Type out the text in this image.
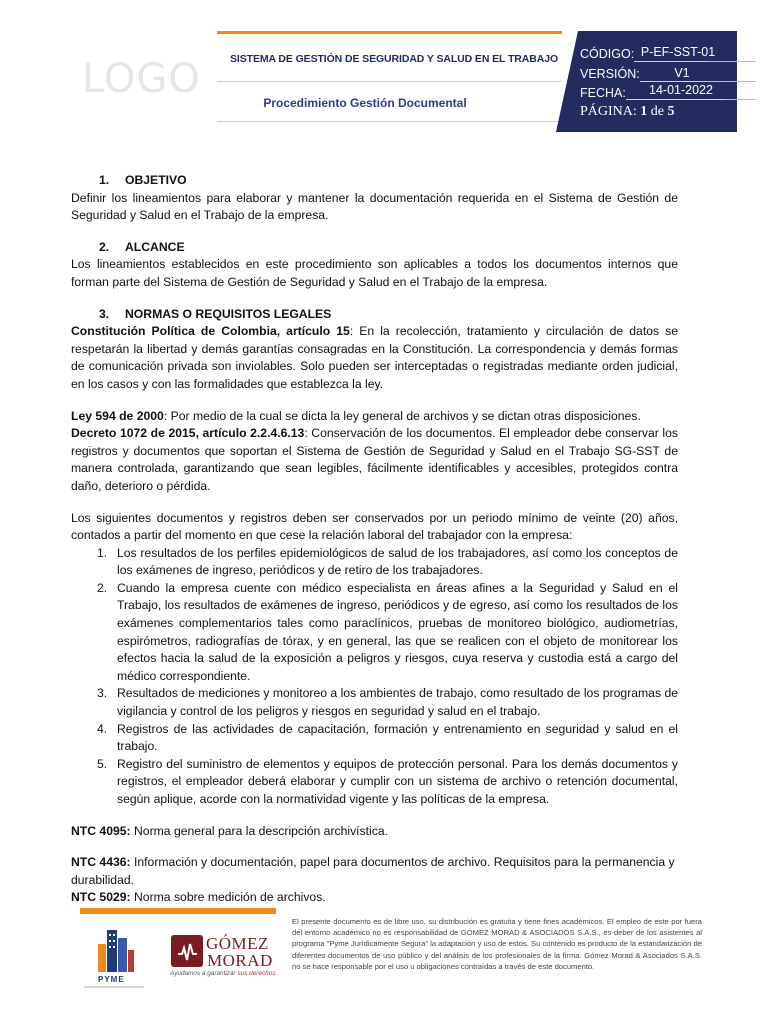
LOGO	SISTEMA DE GESTIÓN DE SEGURIDAD Y SALUD EN EL TRABAJO
Procedimiento Gestión Documental
CÓDIGO: P-EF-SST-01
VERSIÓN:	V1
FECHA:	14-01-2022
PÁGINA: 1 de 5
1. OBJETIVO

Definir los lineamientos para elaborar y mantener la documentación requerida en el Sistema de Gestión de Seguridad y Salud en el Trabajo de la empresa.

2. ALCANCE

Los lineamientos establecidos en este procedimiento son aplicables a todos los documentos internos que forman parte del Sistema de Gestión de Seguridad y Salud en el Trabajo de la empresa.

3. NORMAS O REQUISITOS LEGALES

Constitución Política de Colombia, artículo 15: En la recolección, tratamiento y circulación de datos se respetarán la libertad y demás garantías consagradas en la Constitución. La correspondencia y demás formas de comunicación privada son inviolables. Solo pueden ser interceptadas o registradas mediante orden judicial, en los casos y con las formalidades que establezca la ley.

Ley 594 de 2000: Por medio de la cual se dicta la ley general de archivos y se dictan otras disposiciones.

Decreto 1072 de 2015, artículo 2.2.4.6.13: Conservación de los documentos. El empleador debe conservar los registros y documentos que soportan el Sistema de Gestión de Seguridad y Salud en el Trabajo SG-SST de manera controlada, garantizando que sean legibles, fácilmente identificables y accesibles, protegidos contra daño, deterioro o pérdida.

Los siguientes documentos y registros deben ser conservados por un periodo mínimo de veinte (20) años, contados a partir del momento en que cese la relación laboral del trabajador con la empresa:

1. Los resultados de los perfiles epidemiológicos de salud de los trabajadores, así como los conceptos de los exámenes de ingreso, periódicos y de retiro de los trabajadores.
2. Cuando la empresa cuente con médico especialista en áreas afines a la Seguridad y Salud en el Trabajo, los resultados de exámenes de ingreso, periódicos y de egreso, así como los resultados de los exámenes complementarios tales como paraclínicos, pruebas de monitoreo biológico, audiometrías, espirómetros, radiografías de tórax, y en general, las que se realicen con el objeto de monitorear los efectos hacia la salud de la exposición a peligros y riesgos, cuya reserva y custodia está a cargo del médico correspondiente.
3. Resultados de mediciones y monitoreo a los ambientes de trabajo, como resultado de los programas de vigilancia y control de los peligros y riesgos en seguridad y salud en el trabajo.
4. Registros de las actividades de capacitación, formación y entrenamiento en seguridad y salud en el trabajo.
5. Registro del suministro de elementos y equipos de protección personal. Para los demás documentos y registros, el empleador deberá elaborar y cumplir con un sistema de archivo o retención documental, según aplique, acorde con la normatividad vigente y las políticas de la empresa.

NTC 4095: Norma general para la descripción archivística.

NTC 4436: Información y documentación, papel para documentos de archivo. Requisitos para la permanencia y durabilidad.

NTC 5029: Norma sobre medición de archivos.

PYME
GÓMEZ
MORAD
Ayudamos a garantizar sus derechos
El presente documento es de libre uso, su distribución es gratuita y tiene fines académicos. El empleo de este por fuera del entorno académico no es responsabilidad de GÓMEZ MORAD & ASOCIADOS S.A.S., es deber de los asistentes al programa "Pyme Jurídicamente Segura" la adaptación y uso de estos. Su contenido es producto de la estandarización de diferentes documentos de uso público y del análisis de los profesionales de la firma. Gómez Morad & Asociados S.A.S. no se hace responsable por el uso u obligaciones contraídas a través de este documento.
